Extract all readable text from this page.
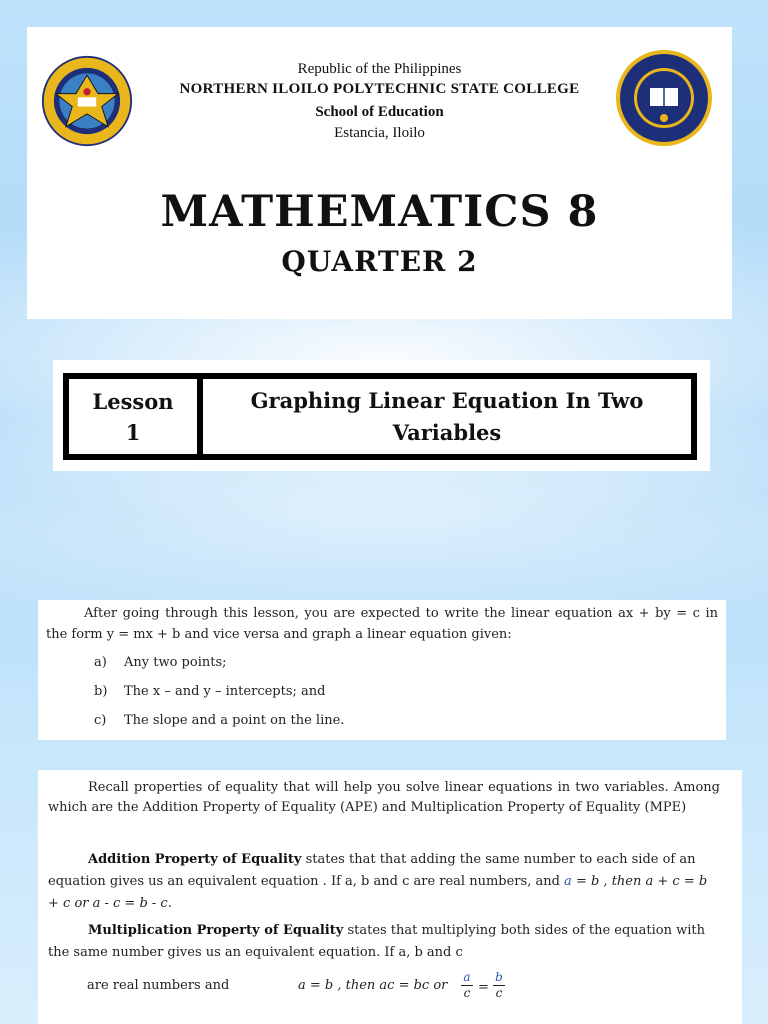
Republic of the Philippines
NORTHERN ILOILO POLYTECHNIC STATE COLLEGE
School of Education
Estancia, Iloilo
MATHEMATICS 8
QUARTER 2
Lesson
1
Graphing Linear Equation In Two Variables
After going through this lesson, you are expected to write the linear equation ax + by = c in the form y = mx + b and vice versa and graph a linear equation given:
a) Any two points;
b) The x – and y – intercepts; and
c) The slope and a point on the line.
Recall properties of equality that will help you solve linear equations in two variables. Among which are the Addition Property of Equality (APE) and Multiplication Property of Equality (MPE)
Addition Property of Equality states that that adding the same number to each side of an equation gives us an equivalent equation . If a, b and c are real numbers, and a = b , then a + c = b + c or a - c = b - c.
Multiplication Property of Equality states that multiplying both sides of the equation with the same number gives us an equivalent equation. If a, b and c
are real numbers and	a = b , then ac = bc or
a
c =
b
c
